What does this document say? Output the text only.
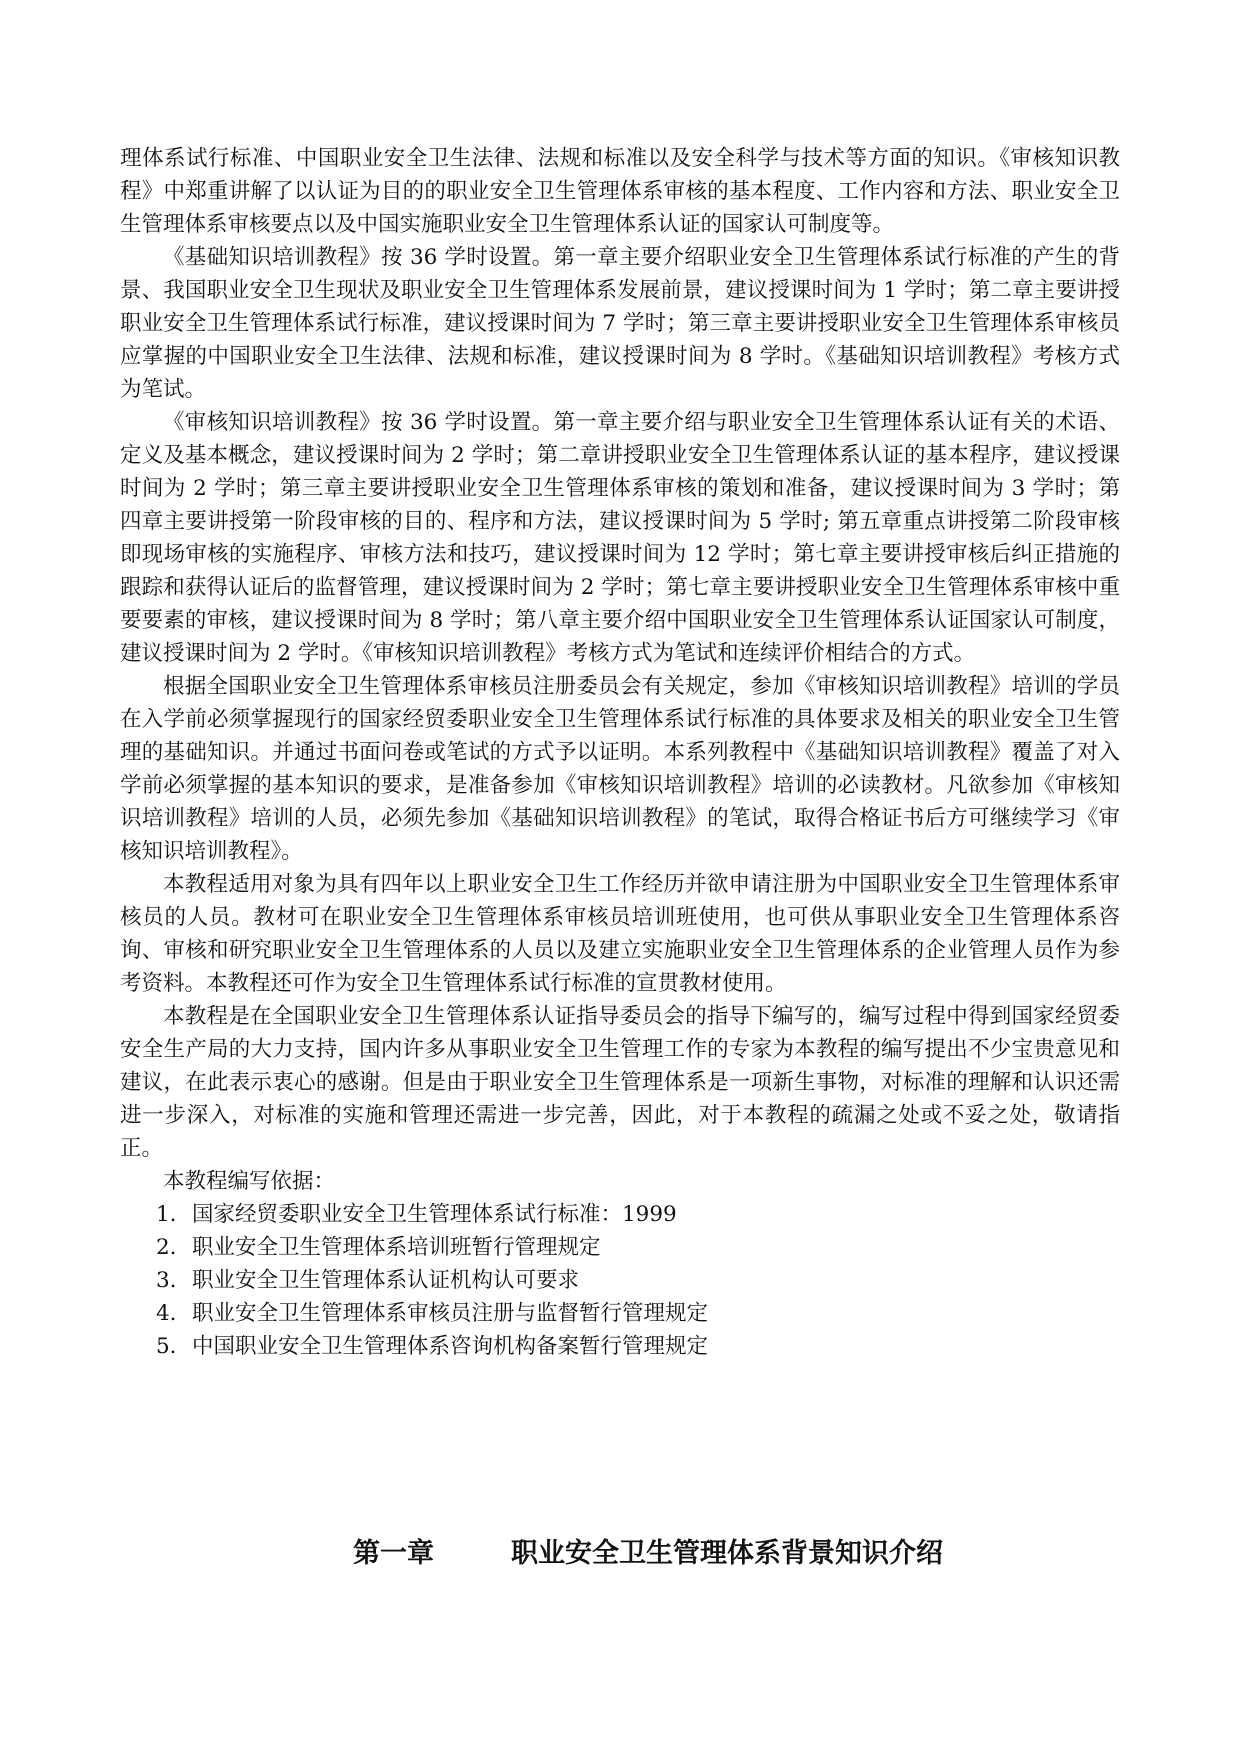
理体系试行标准、中国职业安全卫生法律、法规和标准以及安全科学与技术等方面的知识。《审核知识教程》中郑重讲解了以认证为目的的职业安全卫生管理体系审核的基本程度、工作内容和方法、职业安全卫生管理体系审核要点以及中国实施职业安全卫生管理体系认证的国家认可制度等。

《基础知识培训教程》按 36 学时设置。第一章主要介绍职业安全卫生管理体系试行标准的产生的背景、我国职业安全卫生现状及职业安全卫生管理体系发展前景，建议授课时间为 1 学时；第二章主要讲授职业安全卫生管理体系试行标准，建议授课时间为 7 学时；第三章主要讲授职业安全卫生管理体系审核员应掌握的中国职业安全卫生法律、法规和标准，建议授课时间为 8 学时。《基础知识培训教程》考核方式为笔试。

《审核知识培训教程》按 36 学时设置。第一章主要介绍与职业安全卫生管理体系认证有关的术语、定义及基本概念，建议授课时间为 2 学时；第二章讲授职业安全卫生管理体系认证的基本程序，建议授课时间为 2 学时；第三章主要讲授职业安全卫生管理体系审核的策划和准备，建议授课时间为 3 学时；第四章主要讲授第一阶段审核的目的、程序和方法，建议授课时间为 5 学时; 第五章重点讲授第二阶段审核即现场审核的实施程序、审核方法和技巧，建议授课时间为 12 学时；第七章主要讲授审核后纠正措施的跟踪和获得认证后的监督管理，建议授课时间为 2 学时；第七章主要讲授职业安全卫生管理体系审核中重要要素的审核，建议授课时间为 8 学时；第八章主要介绍中国职业安全卫生管理体系认证国家认可制度，建议授课时间为 2 学时。《审核知识培训教程》考核方式为笔试和连续评价相结合的方式。

根据全国职业安全卫生管理体系审核员注册委员会有关规定，参加《审核知识培训教程》培训的学员在入学前必须掌握现行的国家经贸委职业安全卫生管理体系试行标准的具体要求及相关的职业安全卫生管理的基础知识。并通过书面问卷或笔试的方式予以证明。本系列教程中《基础知识培训教程》覆盖了对入学前必须掌握的基本知识的要求，是准备参加《审核知识培训教程》培训的必读教材。凡欲参加《审核知识培训教程》培训的人员，必须先参加《基础知识培训教程》的笔试，取得合格证书后方可继续学习《审核知识培训教程》。

本教程适用对象为具有四年以上职业安全卫生工作经历并欲申请注册为中国职业安全卫生管理体系审核员的人员。教材可在职业安全卫生管理体系审核员培训班使用，也可供从事职业安全卫生管理体系咨询、审核和研究职业安全卫生管理体系的人员以及建立实施职业安全卫生管理体系的企业管理人员作为参考资料。本教程还可作为安全卫生管理体系试行标准的宣贯教材使用。

本教程是在全国职业安全卫生管理体系认证指导委员会的指导下编写的，编写过程中得到国家经贸委安全生产局的大力支持，国内许多从事职业安全卫生管理工作的专家为本教程的编写提出不少宝贵意见和建议，在此表示衷心的感谢。但是由于职业安全卫生管理体系是一项新生事物，对标准的理解和认识还需进一步深入，对标准的实施和管理还需进一步完善，因此，对于本教程的疏漏之处或不妥之处，敬请指正。

本教程编写依据：

1. 国家经贸委职业安全卫生管理体系试行标准：1999
2. 职业安全卫生管理体系培训班暂行管理规定
3. 职业安全卫生管理体系认证机构认可要求
4. 职业安全卫生管理体系审核员注册与监督暂行管理规定
5. 中国职业安全卫生管理体系咨询机构备案暂行管理规定
第一章	职业安全卫生管理体系背景知识介绍
